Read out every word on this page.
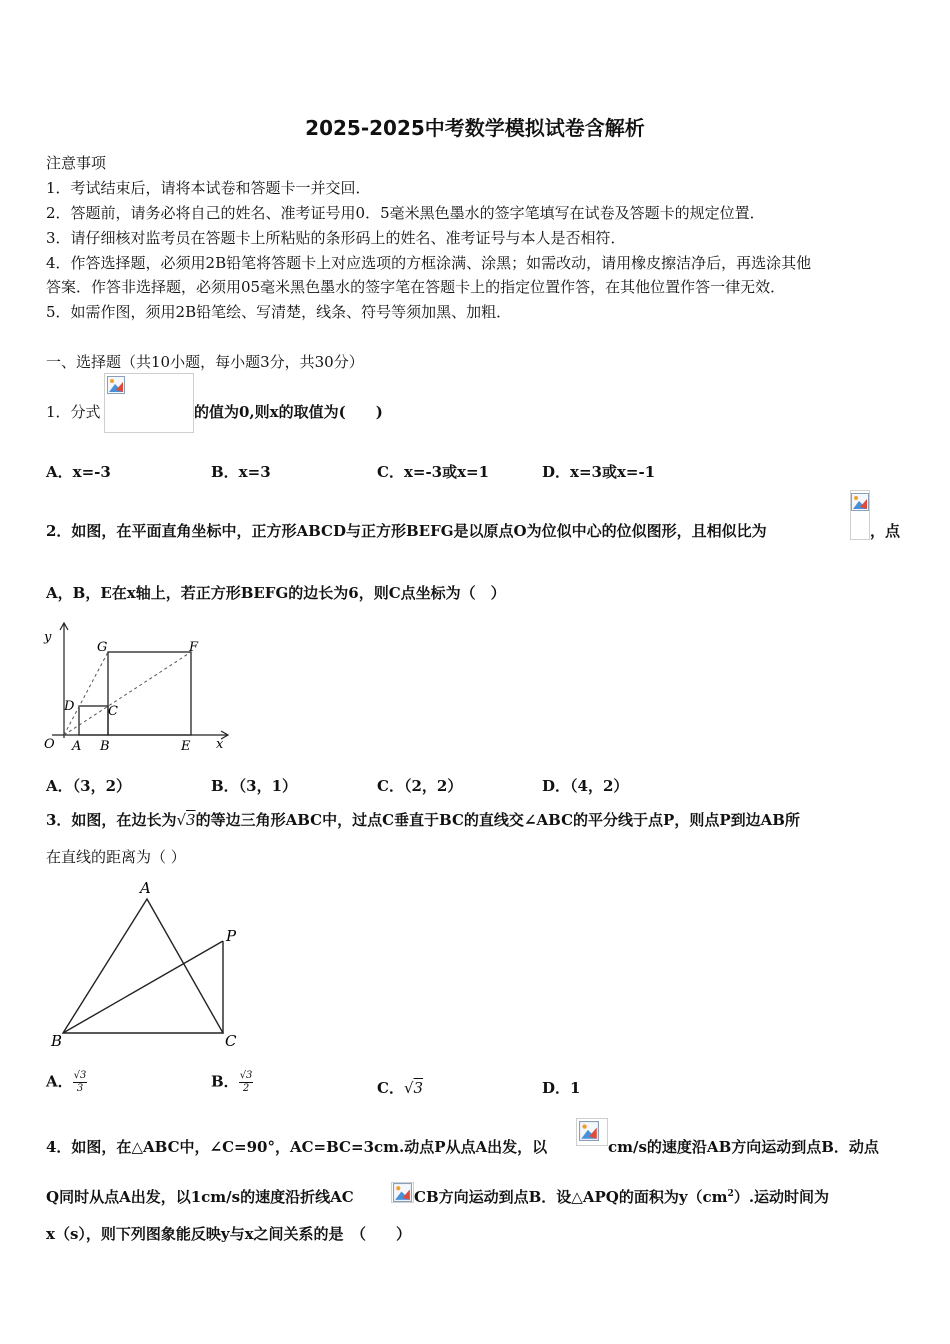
2025-2025中考数学模拟试卷含解析
注意事项
1．考试结束后，请将本试卷和答题卡一并交回．
2．答题前，请务必将自己的姓名、准考证号用0．5毫米黑色墨水的签字笔填写在试卷及答题卡的规定位置．
3．请仔细核对监考员在答题卡上所粘贴的条形码上的姓名、准考证号与本人是否相符．
4．作答选择题，必须用2B铅笔将答题卡上对应选项的方框涂满、涂黑；如需改动，请用橡皮擦洁净后，再选涂其他
答案．作答非选择题，必须用05毫米黑色墨水的签字笔在答题卡上的指定位置作答，在其他位置作答一律无效．
5．如需作图，须用2B铅笔绘、写清楚，线条、符号等须加黑、加粗．
一、选择题（共10小题，每小题3分，共30分）
1．分式	的值为0,则x的取值为(　　)
A．x=-3	B．x=3	C．x=-3或x=1	D．x=3或x=-1
2．如图，在平面直角坐标中，正方形ABCD与正方形BEFG是以原点O为位似中心的位似图形，且相似比为	，点
A，B，E在x轴上，若正方形BEFG的边长为6，则C点坐标为（　）
y
G	F
D	C
O A B	E x
A．（3，2）	B．（3，1）	C．（2，2）	D．（4，2）
3．如图，在边长为√3的等边三角形ABC中，过点C垂直于BC的直线交∠ABC的平分线于点P，则点P到边AB所
在直线的距离为（ ）
A
P
B	C
A． $\frac{√3}{3}$	B． $\frac{√3}{2}$	C．√3	D．1
4．如图，在△ABC中，∠C=90°，AC=BC=3cm.动点P从点A出发，以	cm/s的速度沿AB方向运动到点B．动点
Q同时从点A出发，以1cm/s的速度沿折线AC	CB方向运动到点B．设△APQ的面积为$y(cm^2)$.运动时间为
x（s），则下列图象能反映y与x之间关系的是　（　　）
